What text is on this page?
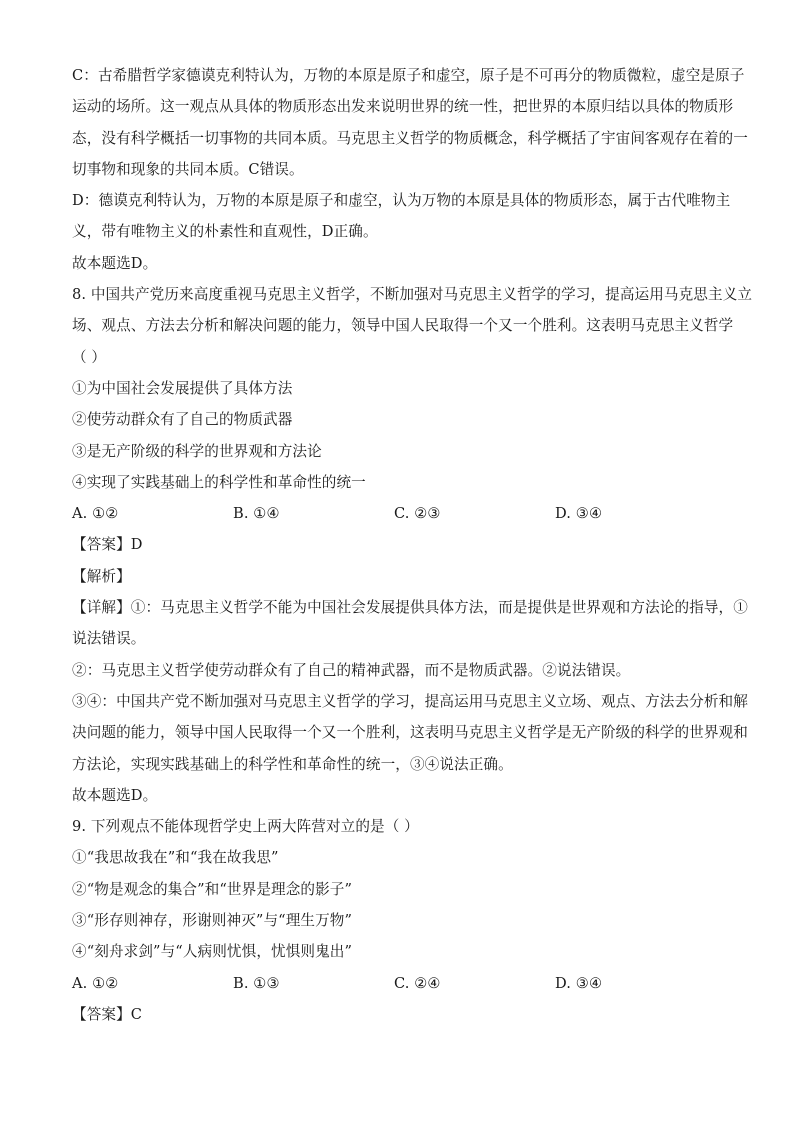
C：古希腊哲学家德谟克利特认为，万物的本原是原子和虚空，原子是不可再分的物质微粒，虚空是原子
运动的场所。这一观点从具体的物质形态出发来说明世界的统一性，把世界的本原归结以具体的物质形
态，没有科学概括一切事物的共同本质。马克思主义哲学的物质概念，科学概括了宇宙间客观存在着的一
切事物和现象的共同本质。C错误。
D：德谟克利特认为，万物的本原是原子和虚空，认为万物的本原是具体的物质形态，属于古代唯物主
义，带有唯物主义的朴素性和直观性，D正确。
故本题选D。
8. 中国共产党历来高度重视马克思主义哲学，不断加强对马克思主义哲学的学习，提高运用马克思主义立
场、观点、方法去分析和解决问题的能力，领导中国人民取得一个又一个胜利。这表明马克思主义哲学
（ ）
①为中国社会发展提供了具体方法
②使劳动群众有了自己的物质武器
③是无产阶级的科学的世界观和方法论
④实现了实践基础上的科学性和革命性的统一
A. ①②	B. ①④	C. ②③	D. ③④
【答案】D
【解析】
【详解】①：马克思主义哲学不能为中国社会发展提供具体方法，而是提供是世界观和方法论的指导，①
说法错误。
②：马克思主义哲学使劳动群众有了自己的精神武器，而不是物质武器。②说法错误。
③④：中国共产党不断加强对马克思主义哲学的学习，提高运用马克思主义立场、观点、方法去分析和解
决问题的能力，领导中国人民取得一个又一个胜利，这表明马克思主义哲学是无产阶级的科学的世界观和
方法论，实现实践基础上的科学性和革命性的统一，③④说法正确。
故本题选D。
9. 下列观点不能体现哲学史上两大阵营对立的是（ ）
①“我思故我在”和“我在故我思”
②“物是观念的集合”和“世界是理念的影子”
③“形存则神存，形谢则神灭”与“理生万物”
④“刻舟求剑”与“人病则忧惧，忧惧则鬼出”
A. ①②	B. ①③	C. ②④	D. ③④
【答案】C
